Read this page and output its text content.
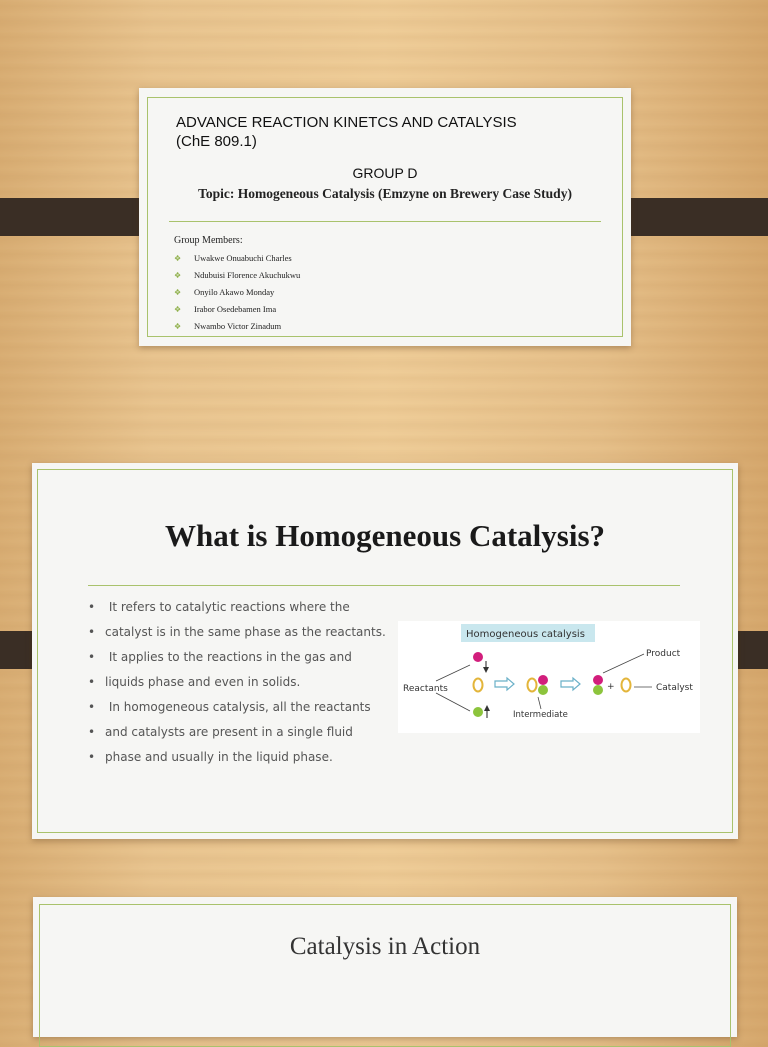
ADVANCE REACTION KINETCS AND CATALYSIS
(ChE 809.1)
GROUP D
Topic: Homogeneous Catalysis (Emzyne on Brewery Case Study)
Group Members:
❖ Uwakwe Onuabuchi Charles
❖ Ndubuisi Florence Akuchukwu
❖ Onyilo Akawo Monday
❖ Irabor Osedebamen Ima
❖ Nwambo Victor Zinadum
What is Homogeneous Catalysis?
• It refers to catalytic reactions where the
• catalyst is in the same phase as the reactants.
• It applies to the reactions in the gas and
• liquids phase and even in solids.
• In homogeneous catalysis, all the reactants
• and catalysts are present in a single fluid
• phase and usually in the liquid phase.
Homogeneous catalysis
Reactants
Intermediate
+
Product
Catalyst
Catalysis in Action
